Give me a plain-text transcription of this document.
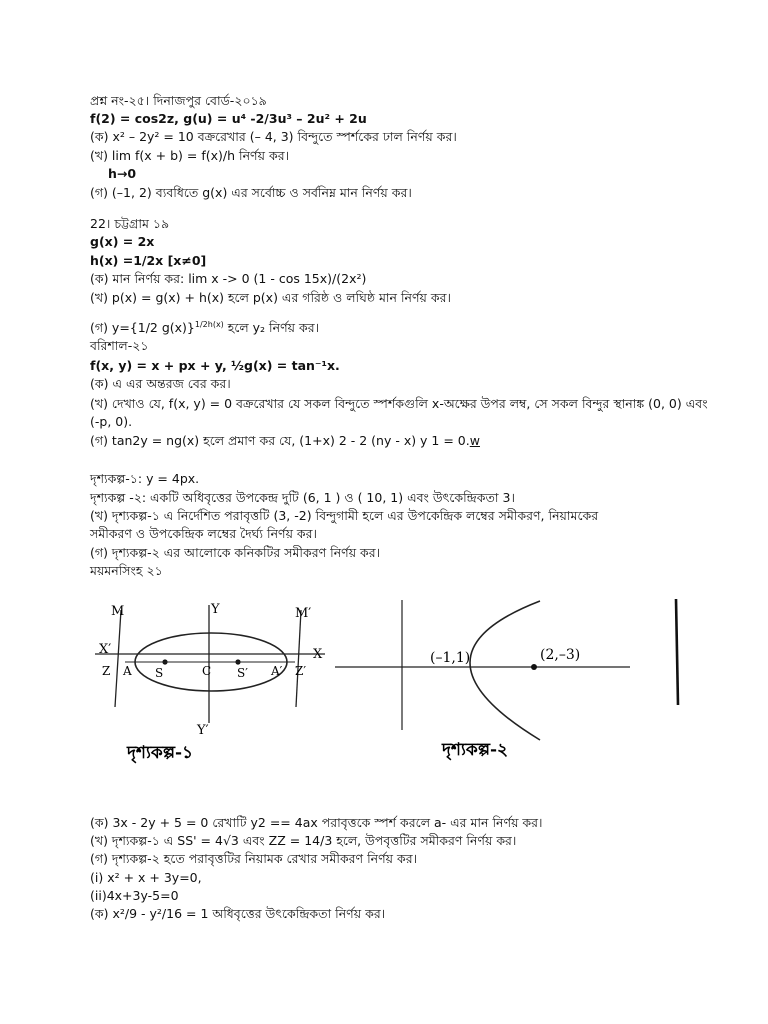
প্রশ্ন নং-২৫। দিনাজপুর বোর্ড-২০১৯
f(2) = cos2z, g(u) = u⁴ -2/3u³ – 2u² + 2u
(ক) x² – 2y² = 10 বক্ররেখার (– 4, 3) বিন্দুতে স্পর্শকের ঢাল নির্ণয় কর।
(খ) lim f(x + b) = f(x)/h নির্ণয় কর।
h→0
(গ) (–1, 2) ব্যবধিতে g(x) এর সর্বোচ্চ ও সর্বনিম্ন মান নির্ণয় কর।
22। চট্টগ্রাম ১৯
g(x) = 2x
h(x) =1/2x [x≠0]
(ক) মান নির্ণয় কর: lim x -> 0 (1 - cos 15x)/(2x²)
(খ) p(x) = g(x) + h(x) হলে p(x) এর গরিষ্ঠ ও লঘিষ্ঠ মান নির্ণয় কর।
(গ) y={1/2 g(x)}$^{1/2h(x)}$ হলে y₂ নির্ণয় কর।
বরিশাল-২১
f(x, y) = x + px + y, ½g(x) = tan⁻¹x.
(ক) এ এর অন্তরজ বের কর।
(খ) দেখাও যে, f(x, y) = 0 বক্ররেখার যে সকল বিন্দুতে স্পর্শকগুলি x-অক্ষের উপর লম্ব, সে সকল বিন্দুর স্থানাঙ্ক (0, 0) এবং
(-p, 0).
(গ) tan2y = ng(x) হলে প্রমাণ কর যে, (1+x) 2 - 2 (ny - x) y 1 = 0.w
দৃশ্যকল্প-১: y = 4px.
দৃশ্যকল্প -২: একটি অধিবৃত্তের উপকেন্দ্র দুটি (6, 1 ) ও ( 10, 1) এবং উৎকেন্দ্রিকতা 3।
(খ) দৃশ্যকল্প-১ এ নির্দেশিত পরাবৃত্তটি (3, -2) বিন্দুগামী হলে এর উপকেন্দ্রিক লম্বের সমীকরণ, নিয়ামকের
সমীকরণ ও উপকেন্দ্রিক লম্বের দৈর্ঘ্য নির্ণয় কর।
(গ) দৃশ্যকল্প-২ এর আলোকে কনিকটির সমীকরণ নির্ণয় কর।
ময়মনসিংহ ২১
M	M′
Y
Y′
X′	X
Z A S	C S′ A′ Z′
দৃশ্যকল্প-১
(–1,1)	(2,–3)
দৃশ্যকল্প-২
(ক) 3x - 2y + 5 = 0 রেখাটি y2 == 4ax পরাবৃত্তকে স্পর্শ করলে a- এর মান নির্ণয় কর।
(খ) দৃশ্যকল্প-১ এ SS' = 4√3 এবং ZZ = 14/3 হলে, উপবৃত্তটির সমীকরণ নির্ণয় কর।
(গ) দৃশ্যকল্প-২ হতে পরাবৃত্তটির নিয়ামক রেখার সমীকরণ নির্ণয় কর।
(i) x² + x + 3y=0,
(ii)4x+3y-5=0
(ক) x²/9 - y²/16 = 1 অধিবৃত্তের উৎকেন্দ্রিকতা নির্ণয় কর।
